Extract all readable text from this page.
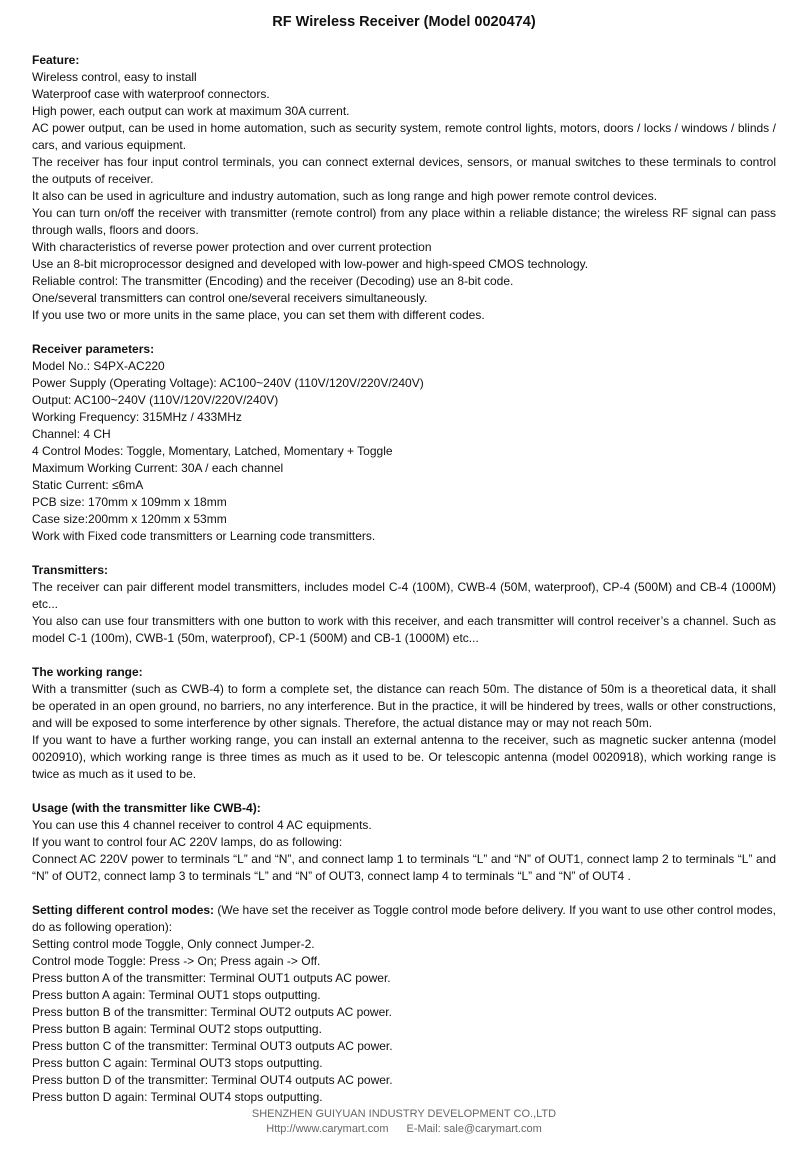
RF Wireless Receiver (Model 0020474)
Feature:
Wireless control, easy to install
Waterproof case with waterproof connectors.
High power, each output can work at maximum 30A current.
AC power output, can be used in home automation, such as security system, remote control lights, motors, doors / locks / windows / blinds / cars, and various equipment.
The receiver has four input control terminals, you can connect external devices, sensors, or manual switches to these terminals to control the outputs of receiver.
It also can be used in agriculture and industry automation, such as long range and high power remote control devices.
You can turn on/off the receiver with transmitter (remote control) from any place within a reliable distance; the wireless RF signal can pass through walls, floors and doors.
With characteristics of reverse power protection and over current protection
Use an 8-bit microprocessor designed and developed with low-power and high-speed CMOS technology.
Reliable control: The transmitter (Encoding) and the receiver (Decoding) use an 8-bit code.
One/several transmitters can control one/several receivers simultaneously.
If you use two or more units in the same place, you can set them with different codes.
Receiver parameters:
Model No.: S4PX-AC220
Power Supply (Operating Voltage): AC100~240V (110V/120V/220V/240V)
Output: AC100~240V (110V/120V/220V/240V)
Working Frequency: 315MHz / 433MHz
Channel: 4 CH
4 Control Modes: Toggle, Momentary, Latched, Momentary + Toggle
Maximum Working Current: 30A / each channel
Static Current: ≤6mA
PCB size: 170mm x 109mm x 18mm
Case size:200mm x 120mm x 53mm
Work with Fixed code transmitters or Learning code transmitters.
Transmitters:
The receiver can pair different model transmitters, includes model C-4 (100M), CWB-4 (50M, waterproof), CP-4 (500M) and CB-4 (1000M) etc...
You also can use four transmitters with one button to work with this receiver, and each transmitter will control receiver’s a channel. Such as model C-1 (100m), CWB-1 (50m, waterproof), CP-1 (500M) and CB-1 (1000M) etc...
The working range:
With a transmitter (such as CWB-4) to form a complete set, the distance can reach 50m. The distance of 50m is a theoretical data, it shall be operated in an open ground, no barriers, no any interference. But in the practice, it will be hindered by trees, walls or other constructions, and will be exposed to some interference by other signals. Therefore, the actual distance may or may not reach 50m.
If you want to have a further working range, you can install an external antenna to the receiver, such as magnetic sucker antenna (model 0020910), which working range is three times as much as it used to be. Or telescopic antenna (model 0020918), which working range is twice as much as it used to be.
Usage (with the transmitter like CWB-4):
You can use this 4 channel receiver to control 4 AC equipments.
If you want to control four AC 220V lamps, do as following:
Connect AC 220V power to terminals “L” and “N”, and connect lamp 1 to terminals “L” and “N” of OUT1, connect lamp 2 to terminals “L” and “N” of OUT2, connect lamp 3 to terminals “L” and “N” of OUT3, connect lamp 4 to terminals “L” and “N” of OUT4 .
Setting different control modes: (We have set the receiver as Toggle control mode before delivery. If you want to use other control modes, do as following operation):
Setting control mode Toggle, Only connect Jumper-2.
Control mode Toggle: Press -> On; Press again -> Off.
Press button A of the transmitter: Terminal OUT1 outputs AC power.
Press button A again: Terminal OUT1 stops outputting.
Press button B of the transmitter: Terminal OUT2 outputs AC power.
Press button B again: Terminal OUT2 stops outputting.
Press button C of the transmitter: Terminal OUT3 outputs AC power.
Press button C again: Terminal OUT3 stops outputting.
Press button D of the transmitter: Terminal OUT4 outputs AC power.
Press button D again: Terminal OUT4 stops outputting.
SHENZHEN GUIYUAN INDUSTRY DEVELOPMENT CO.,LTD
Http://www.carymart.com E-Mail: sale@carymart.com
